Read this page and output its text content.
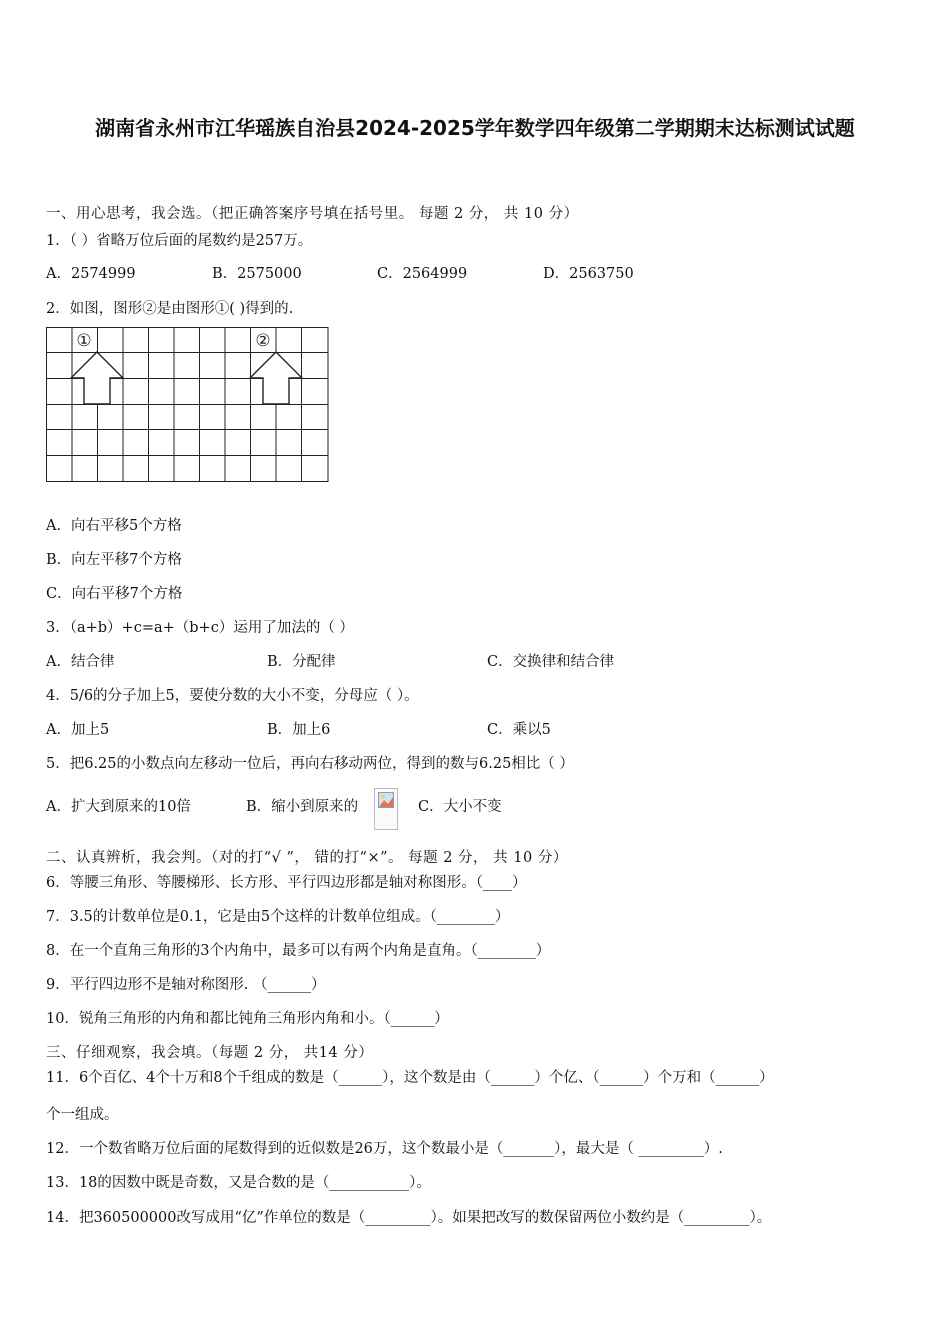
湖南省永州市江华瑶族自治县2024-2025学年数学四年级第二学期期末达标测试试题
一、用心思考，我会选。（把正确答案序号填在括号里。 每题 2 分， 共 10 分）
1．（ ）省略万位后面的尾数约是257万。
A．2574999	B．2575000	C．2564999	D．2563750
2．如图，图形②是由图形①( )得到的.
①	②
A．向右平移5个方格
B．向左平移7个方格
C．向右平移7个方格
3．（a+b）+c=a+（b+c）运用了加法的（ ）
A．结合律	B．分配律	C．交换律和结合律
4．5/6的分子加上5，要使分数的大小不变，分母应（ ）。
A．加上5	B．加上6	C．乘以5
5．把6.25的小数点向左移动一位后，再向右移动两位，得到的数与6.25相比（ ）
A．扩大到原来的10倍	B．缩小到原来的	C．大小不变
二、认真辨析，我会判。（对的打“√ ”， 错的打“×”。 每题 2 分， 共 10 分）
6．等腰三角形、等腰梯形、长方形、平行四边形都是轴对称图形。（____）
7．3.5的计数单位是0.1，它是由5个这样的计数单位组成。（________）
8．在一个直角三角形的3个内角中，最多可以有两个内角是直角。（________）
9．平行四边形不是轴对称图形. （______）
10．锐角三角形的内角和都比钝角三角形内角和小。（______）
三、仔细观察，我会填。（每题 2 分， 共14 分）
11．6个百亿、4个十万和8个千组成的数是（______），这个数是由（______）个亿、（______）个万和（______）
个一组成。
12．一个数省略万位后面的尾数得到的近似数是26万，这个数最小是（_______），最大是（ _________）.
13．18的因数中既是奇数，又是合数的是（___________）。
14．把360500000改写成用“亿”作单位的数是（_________）。如果把改写的数保留两位小数约是（_________）。
